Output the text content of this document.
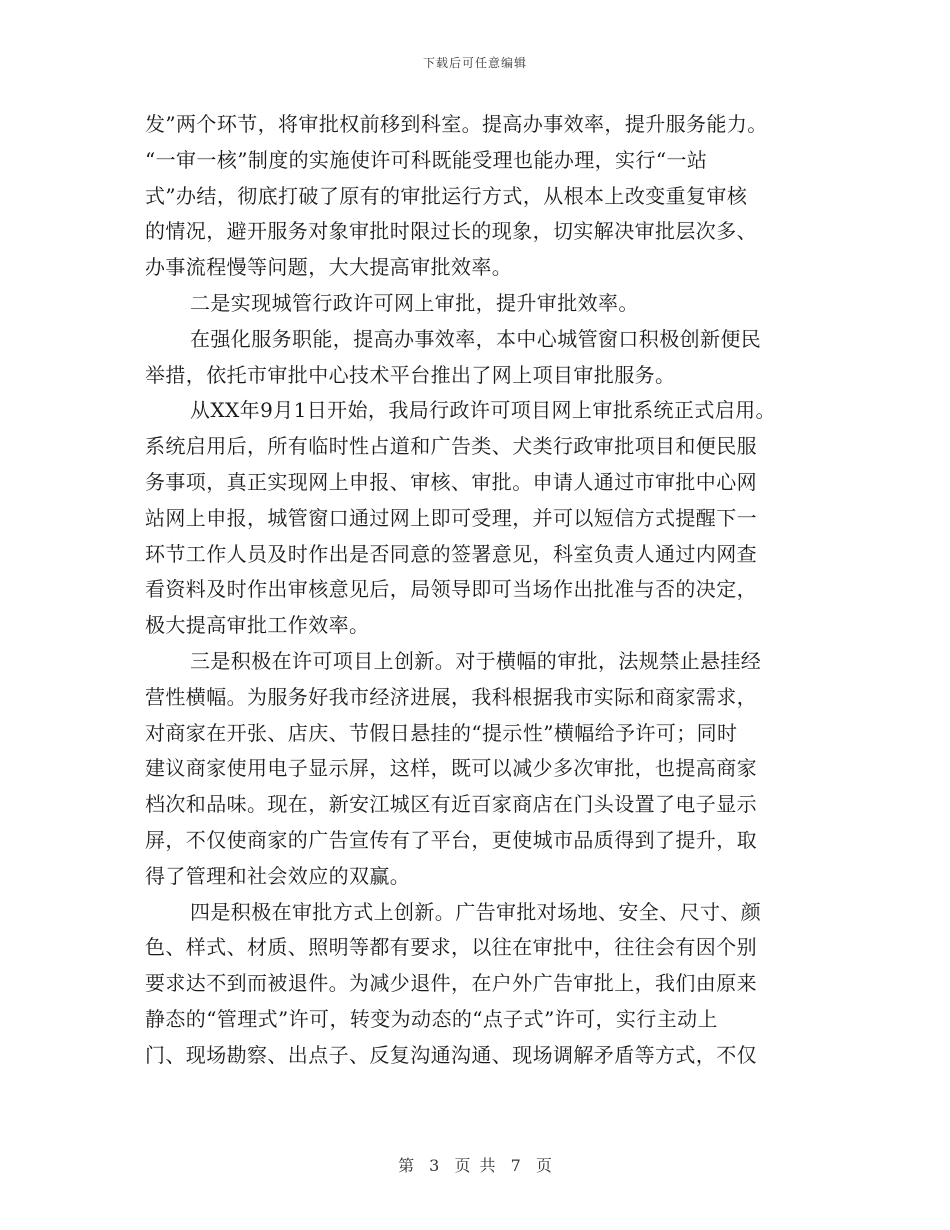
下载后可任意编辑
发”两个环节，将审批权前移到科室。提高办事效率，提升服务能力。
“一审一核”制度的实施使许可科既能受理也能办理，实行“一站
式”办结，彻底打破了原有的审批运行方式，从根本上改变重复审核
的情况，避开服务对象审批时限过长的现象，切实解决审批层次多、
办事流程慢等问题，大大提高审批效率。
二是实现城管行政许可网上审批，提升审批效率。
在强化服务职能，提高办事效率，本中心城管窗口积极创新便民
举措，依托市审批中心技术平台推出了网上项目审批服务。
从XX年9月1日开始，我局行政许可项目网上审批系统正式启用。
系统启用后，所有临时性占道和广告类、犬类行政审批项目和便民服
务事项，真正实现网上申报、审核、审批。申请人通过市审批中心网
站网上申报，城管窗口通过网上即可受理，并可以短信方式提醒下一
环节工作人员及时作出是否同意的签署意见，科室负责人通过内网查
看资料及时作出审核意见后，局领导即可当场作出批准与否的决定，
极大提高审批工作效率。
三是积极在许可项目上创新。对于横幅的审批，法规禁止悬挂经
营性横幅。为服务好我市经济进展，我科根据我市实际和商家需求，
对商家在开张、店庆、节假日悬挂的“提示性”横幅给予许可；同时
建议商家使用电子显示屏，这样，既可以减少多次审批，也提高商家
档次和品味。现在，新安江城区有近百家商店在门头设置了电子显示
屏，不仅使商家的广告宣传有了平台，更使城市品质得到了提升，取
得了管理和社会效应的双赢。
四是积极在审批方式上创新。广告审批对场地、安全、尺寸、颜
色、样式、材质、照明等都有要求，以往在审批中，往往会有因个别
要求达不到而被退件。为减少退件，在户外广告审批上，我们由原来
静态的“管理式”许可，转变为动态的“点子式”许可，实行主动上
门、现场勘察、出点子、反复沟通沟通、现场调解矛盾等方式，不仅
第 3 页 共 7 页
